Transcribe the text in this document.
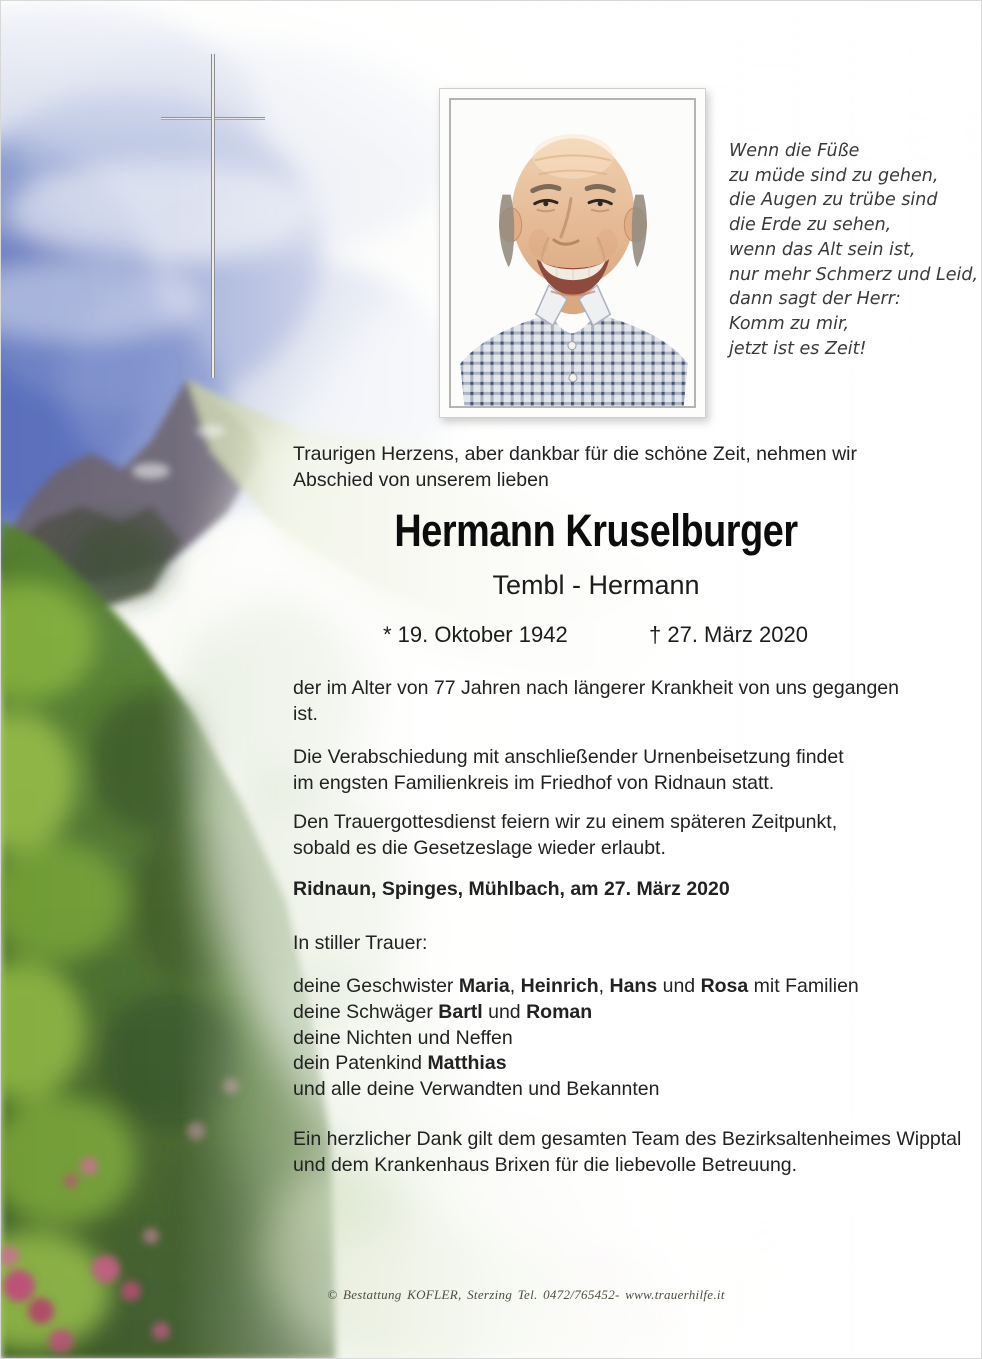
Wenn die Füße
zu müde sind zu gehen,
die Augen zu trübe sind
die Erde zu sehen,
wenn das Alt sein ist,
nur mehr Schmerz und Leid,
dann sagt der Herr:
Komm zu mir,
jetzt ist es Zeit!
Traurigen Herzens, aber dankbar für die schöne Zeit, nehmen wir
Abschied von unserem lieben
Hermann Kruselburger
Tembl - Hermann
* 19. Oktober 1942	† 27. März 2020
der im Alter von 77 Jahren nach längerer Krankheit von uns gegangen
ist.
Die Verabschiedung mit anschließender Urnenbeisetzung findet
im engsten Familienkreis im Friedhof von Ridnaun statt.
Den Trauergottesdienst feiern wir zu einem späteren Zeitpunkt,
sobald es die Gesetzeslage wieder erlaubt.
Ridnaun, Spinges, Mühlbach, am 27. März 2020
In stiller Trauer:
deine Geschwister Maria, Heinrich, Hans und Rosa mit Familien
deine Schwäger Bartl und Roman
deine Nichten und Neffen
dein Patenkind Matthias
und alle deine Verwandten und Bekannten
Ein herzlicher Dank gilt dem gesamten Team des Bezirksaltenheimes Wipptal
und dem Krankenhaus Brixen für die liebevolle Betreuung.
© Bestattung KOFLER, Sterzing Tel. 0472/765452- www.trauerhilfe.it
